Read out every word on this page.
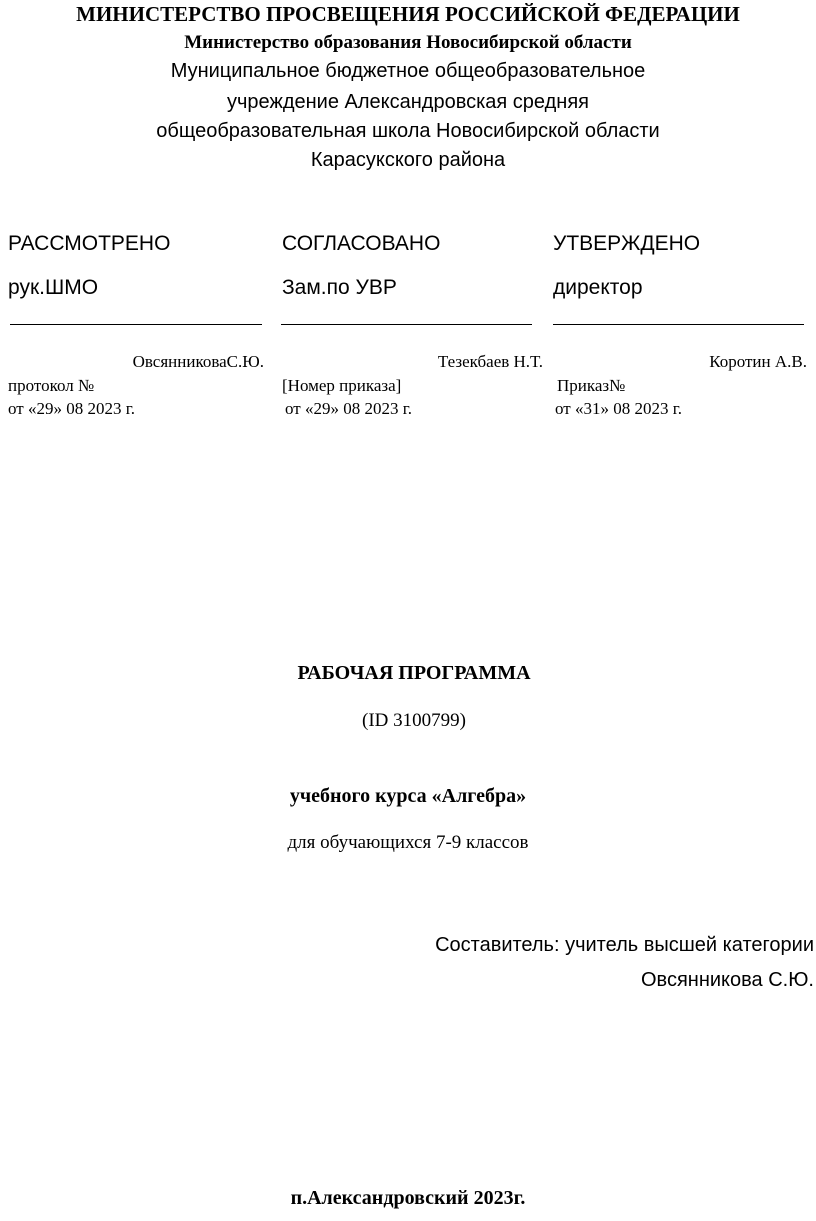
МИНИСТЕРСТВО ПРОСВЕЩЕНИЯ РОССИЙСКОЙ ФЕДЕРАЦИИ
Министерство образования Новосибирской области
Муниципальное бюджетное общеобразовательное
учреждение Александровская средняя
общеобразовательная школа Новосибирской области
Карасукского района
РАССМОТРЕНО
рук.ШМО
ОвсянниковаС.Ю.
протокол №
от «29» 08 2023 г.
СОГЛАСОВАНО
Зам.по УВР
Тезекбаев Н.Т.
[Номер приказа]
от «29» 08 2023 г.
УТВЕРЖДЕНО
директор
Коротин А.В.
Приказ№
от «31» 08 2023 г.
РАБОЧАЯ ПРОГРАММА
(ID 3100799)
учебного курса «Алгебра»
для обучающихся 7-9 классов
Составитель: учитель высшей категории
Овсянникова С.Ю.
п.Александровский 2023г.
